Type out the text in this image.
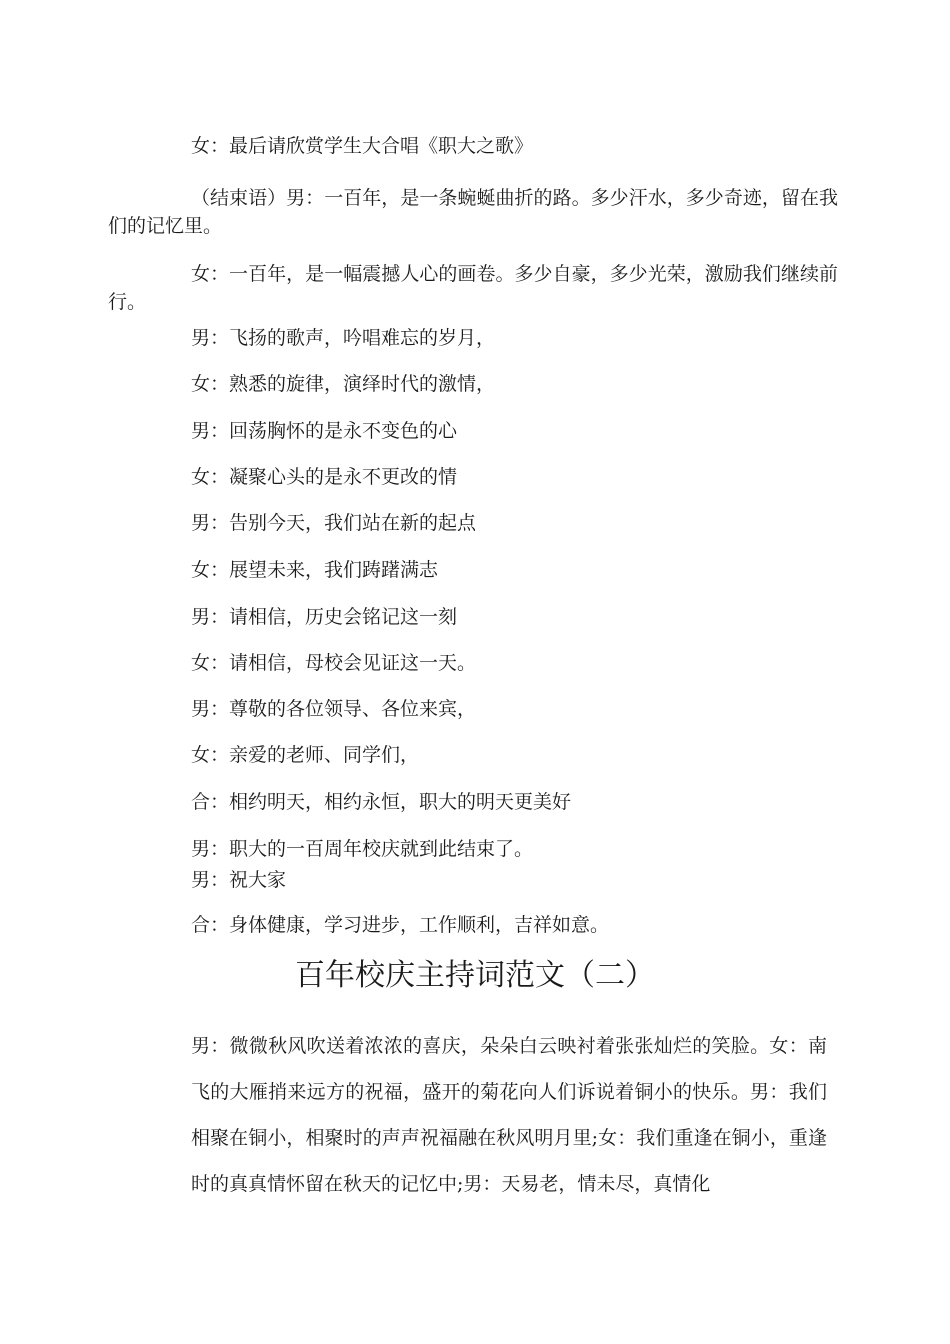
女：最后请欣赏学生大合唱《职大之歌》

（结束语）男：一百年，是一条蜿蜒曲折的路。多少汗水，多少奇迹，留在我们的记忆里。

女：一百年，是一幅震撼人心的画卷。多少自豪，多少光荣，激励我们继续前行。

男：飞扬的歌声，吟唱难忘的岁月，

女：熟悉的旋律，演绎时代的激情，

男：回荡胸怀的是永不变色的心

女：凝聚心头的是永不更改的情

男：告别今天，我们站在新的起点

女：展望未来，我们踌躇满志

男：请相信，历史会铭记这一刻

女：请相信，母校会见证这一天。

男：尊敬的各位领导、各位来宾，

女：亲爱的老师、同学们，

合：相约明天，相约永恒，职大的明天更美好

男：职大的一百周年校庆就到此结束了。

男：祝大家

合：身体健康，学习进步，工作顺利，吉祥如意。

百年校庆主持词范文（二）

男：微微秋风吹送着浓浓的喜庆，朵朵白云映衬着张张灿烂的笑脸。女：南飞的大雁捎来远方的祝福，盛开的菊花向人们诉说着铜小的快乐。男：我们相聚在铜小，相聚时的声声祝福融在秋风明月里;女：我们重逢在铜小，重逢时的真真情怀留在秋天的记忆中;男：天易老，情未尽，真情化
